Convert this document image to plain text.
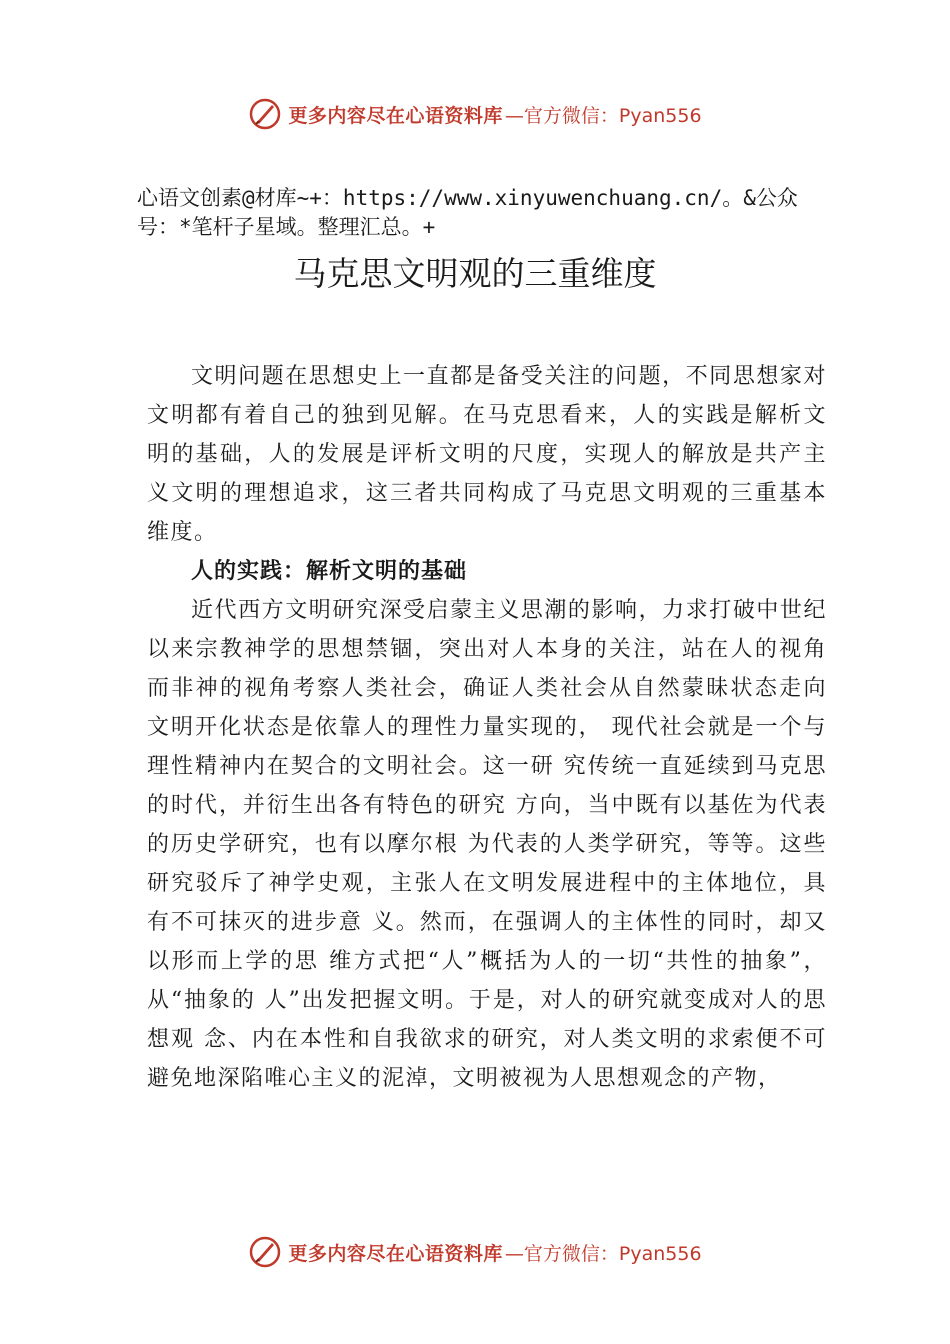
更多内容尽在心语资料库 —官方微信：Pyan556
心语文创素@材库~+：https://www.xinyuwenchuang.cn/。&公众号：*笔杆子星域。整理汇总。+
马克思文明观的三重维度

文明问题在思想史上一直都是备受关注的问题，不同思想家对文明都有着自己的独到见解。在马克思看来，人的实践是解析文明的基础，人的发展是评析文明的尺度，实现人的解放是共产主义文明的理想追求，这三者共同构成了马克思文明观的三重基本维度。

人的实践：解析文明的基础

近代西方文明研究深受启蒙主义思潮的影响，力求打破中世纪以来宗教神学的思想禁锢，突出对人本身的关注，站在人的视角而非神的视角考察人类社会，确证人类社会从自然蒙昧状态走向文明开化状态是依靠人的理性力量实现的， 现代社会就是一个与理性精神内在契合的文明社会。这一研 究传统一直延续到马克思的时代，并衍生出各有特色的研究 方向，当中既有以基佐为代表的历史学研究，也有以摩尔根 为代表的人类学研究，等等。这些研究驳斥了神学史观，主张人在文明发展进程中的主体地位，具有不可抹灭的进步意 义。然而，在强调人的主体性的同时，却又以形而上学的思 维方式把“人”概括为人的一切“共性的抽象”，从“抽象的 人”出发把握文明。于是，对人的研究就变成对人的思想观 念、内在本性和自我欲求的研究，对人类文明的求索便不可 避免地深陷唯心主义的泥淖，文明被视为人思想观念的产物，

更多内容尽在心语资料库 —官方微信：Pyan556
